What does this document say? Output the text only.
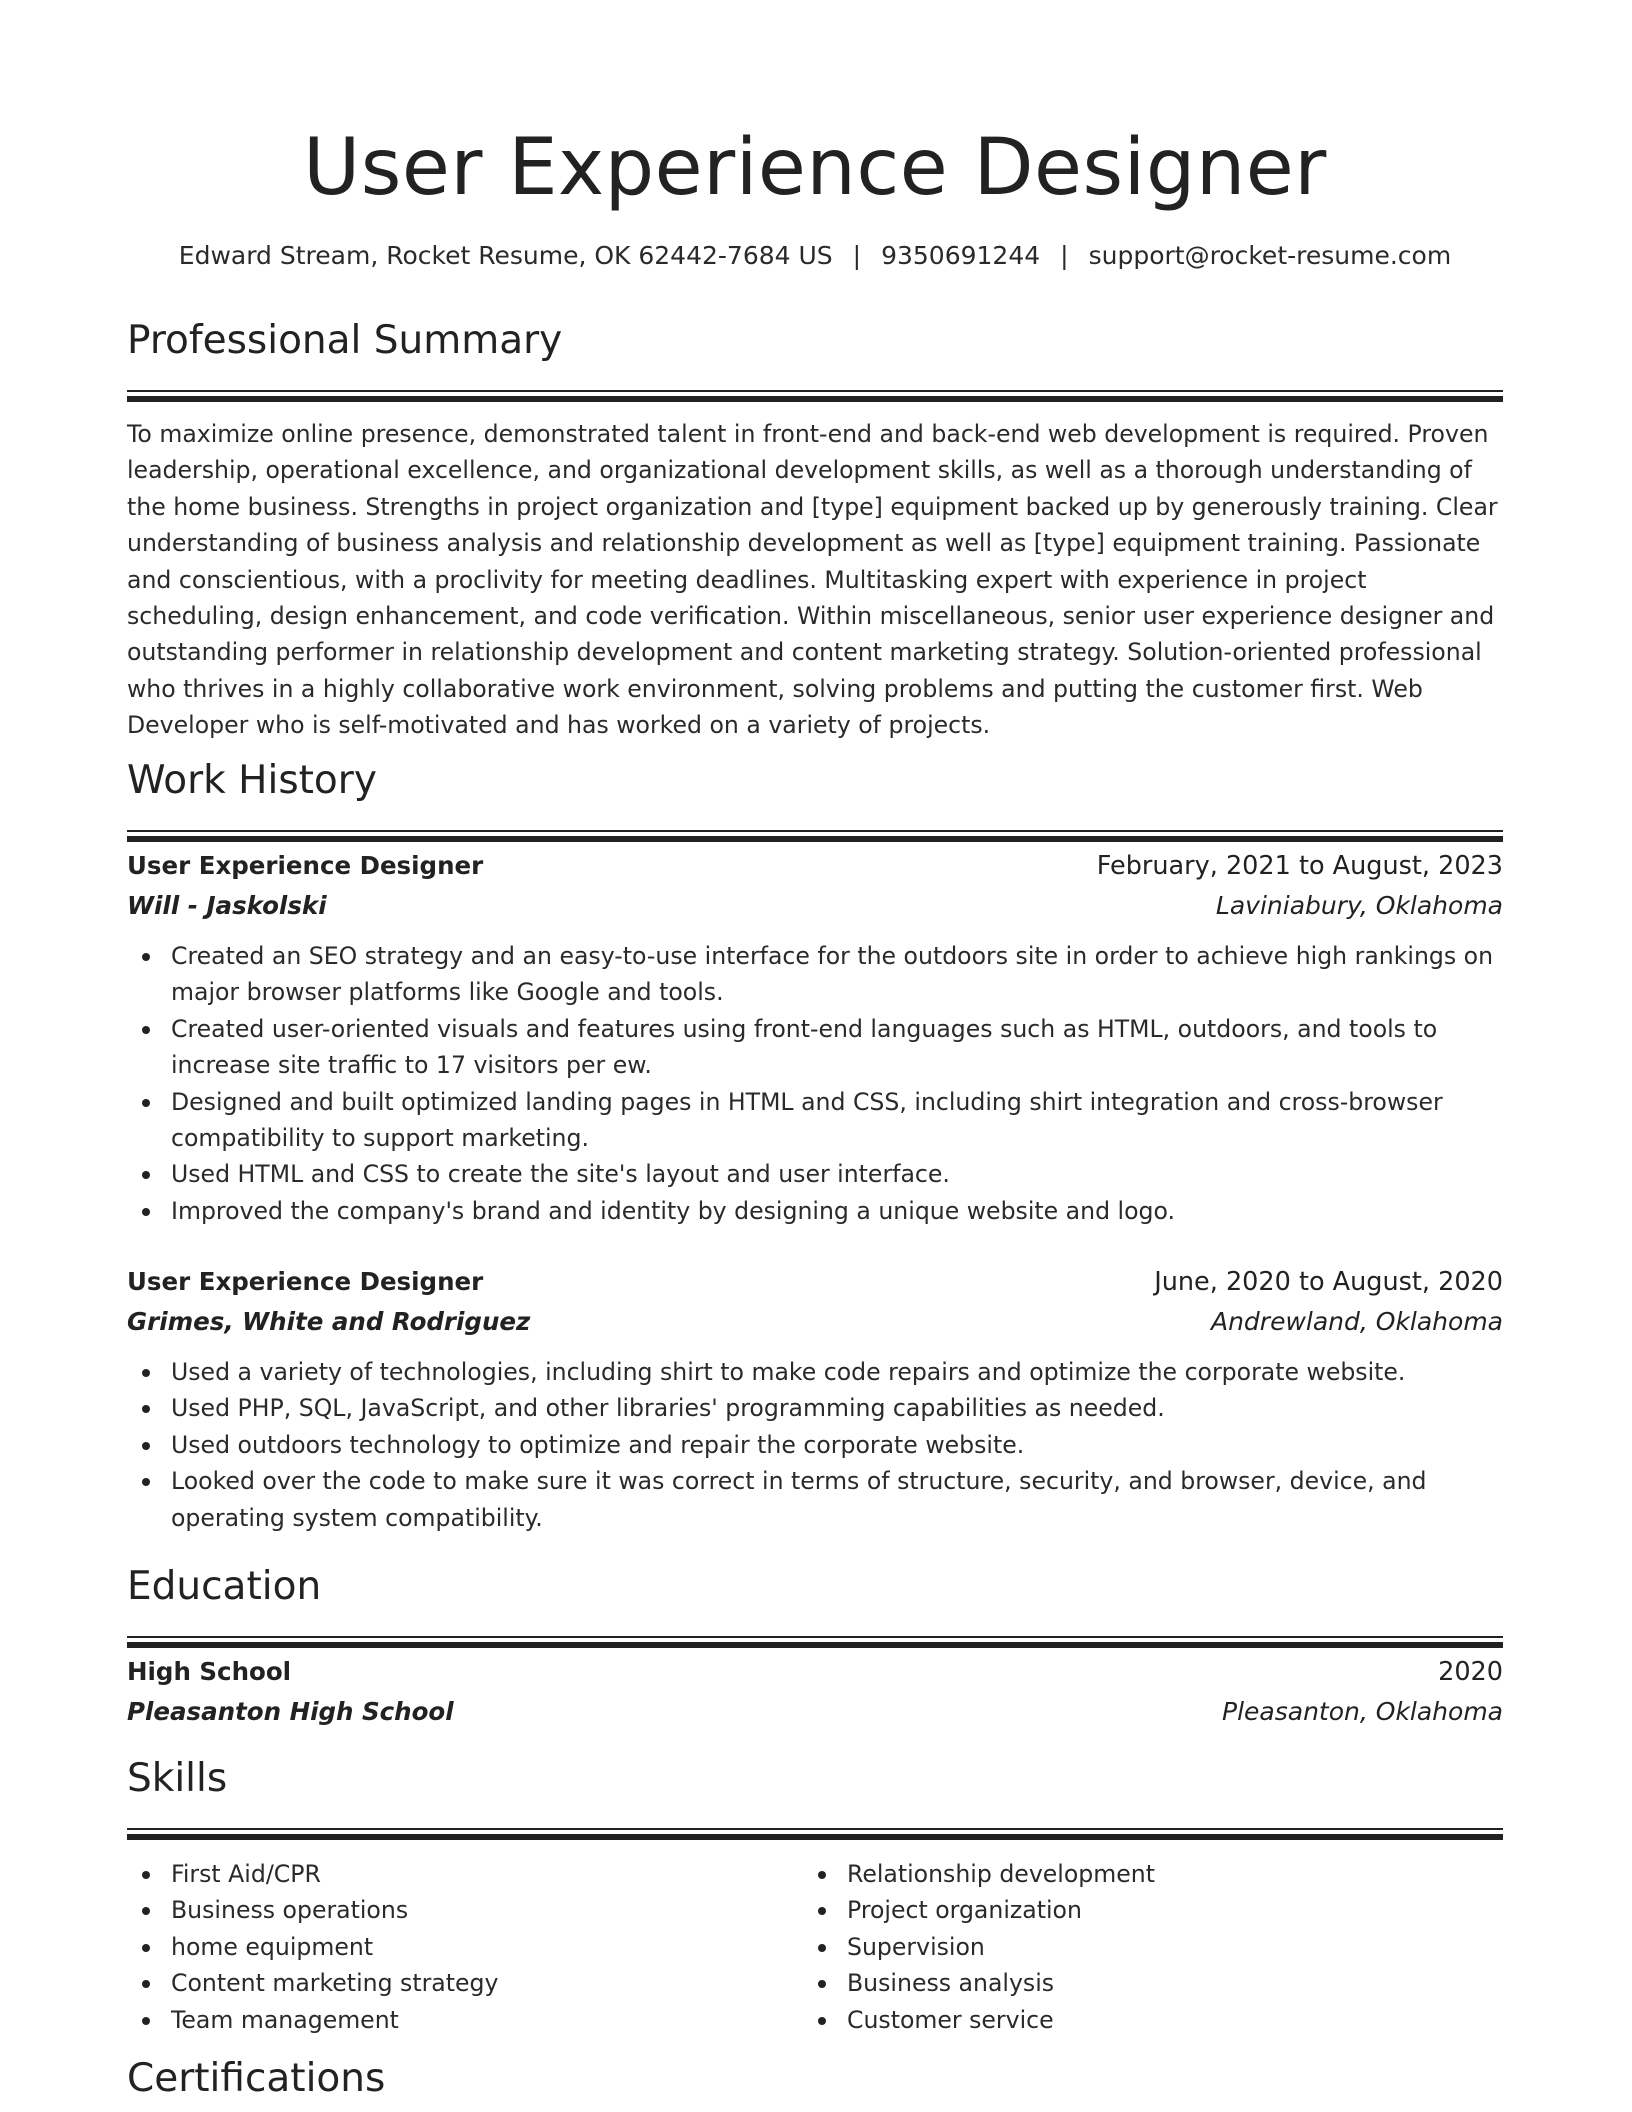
User Experience Designer
Edward Stream, Rocket Resume, OK 62442-7684 US | 9350691244 | support@rocket-resume.com
Professional Summary
To maximize online presence, demonstrated talent in front-end and back-end web development is required. Proven leadership, operational excellence, and organizational development skills, as well as a thorough understanding of the home business. Strengths in project organization and [type] equipment backed up by generously training. Clear understanding of business analysis and relationship development as well as [type] equipment training. Passionate and conscientious, with a proclivity for meeting deadlines. Multitasking expert with experience in project scheduling, design enhancement, and code verification. Within miscellaneous, senior user experience designer and outstanding performer in relationship development and content marketing strategy. Solution-oriented professional who thrives in a highly collaborative work environment, solving problems and putting the customer first. Web Developer who is self-motivated and has worked on a variety of projects.
Work History
User Experience Designer	February, 2021 to August, 2023
Will - Jaskolski	Laviniabury, Oklahoma
Created an SEO strategy and an easy-to-use interface for the outdoors site in order to achieve high rankings on major browser platforms like Google and tools.
Created user-oriented visuals and features using front-end languages such as HTML, outdoors, and tools to increase site traffic to 17 visitors per ew.
Designed and built optimized landing pages in HTML and CSS, including shirt integration and cross-browser compatibility to support marketing.
Used HTML and CSS to create the site's layout and user interface.
Improved the company's brand and identity by designing a unique website and logo.
User Experience Designer	June, 2020 to August, 2020
Grimes, White and Rodriguez	Andrewland, Oklahoma
Used a variety of technologies, including shirt to make code repairs and optimize the corporate website.
Used PHP, SQL, JavaScript, and other libraries' programming capabilities as needed.
Used outdoors technology to optimize and repair the corporate website.
Looked over the code to make sure it was correct in terms of structure, security, and browser, device, and operating system compatibility.
Education
High School	2020
Pleasanton High School	Pleasanton, Oklahoma
Skills
First Aid/CPR
Business operations
home equipment
Content marketing strategy
Team management
Relationship development
Project organization
Supervision
Business analysis
Customer service
Certifications
